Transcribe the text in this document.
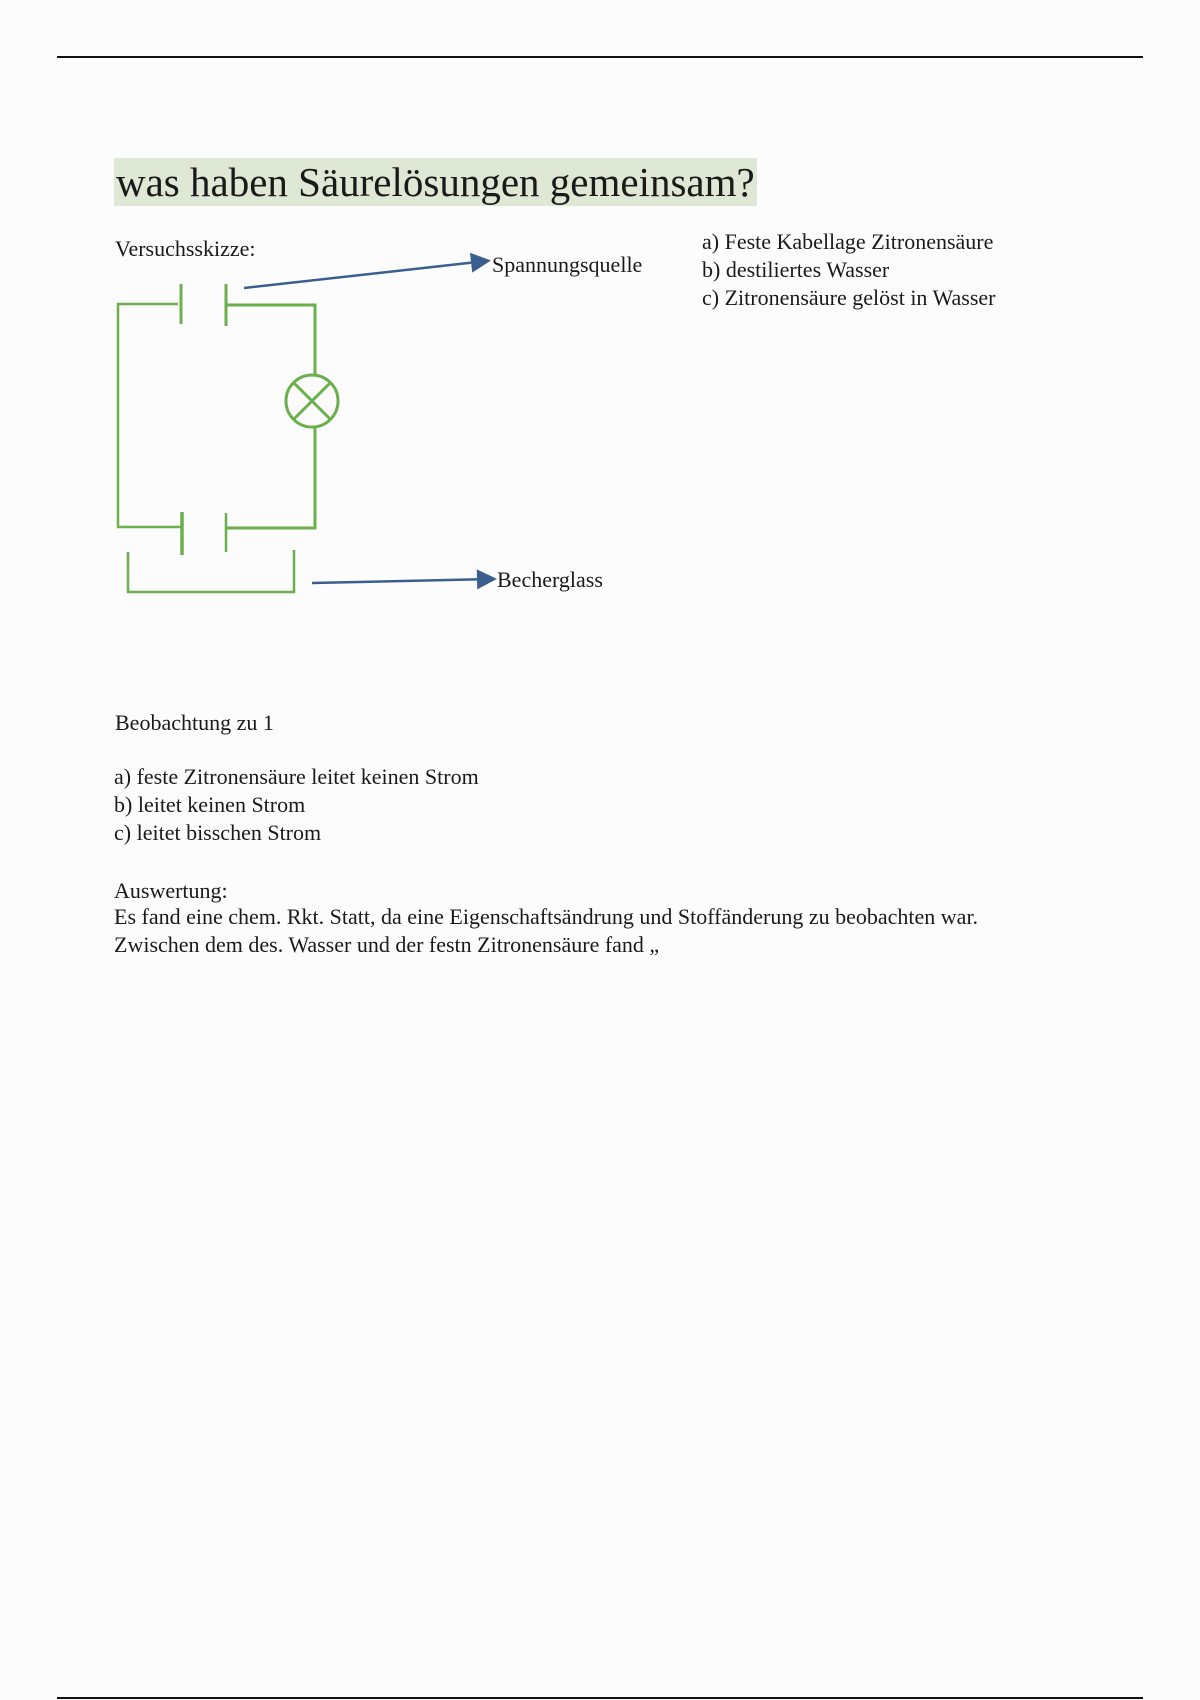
was haben Säurelösungen gemeinsam?
Versuchsskizze:	a) Feste Kabellage Zitronensäure
b) destiliertes Wasser
c) Zitronensäure gelöst in Wasser
Spannungsquelle
Becherglass
Beobachtung zu 1
a) feste Zitronensäure leitet keinen Strom
b) leitet keinen Strom
c) leitet bisschen Strom
Auswertung:
Es fand eine chem. Rkt. Statt, da eine Eigenschaftsändrung und Stoffänderung zu beobachten war.
Zwischen dem des. Wasser und der festn Zitronensäure fand „
